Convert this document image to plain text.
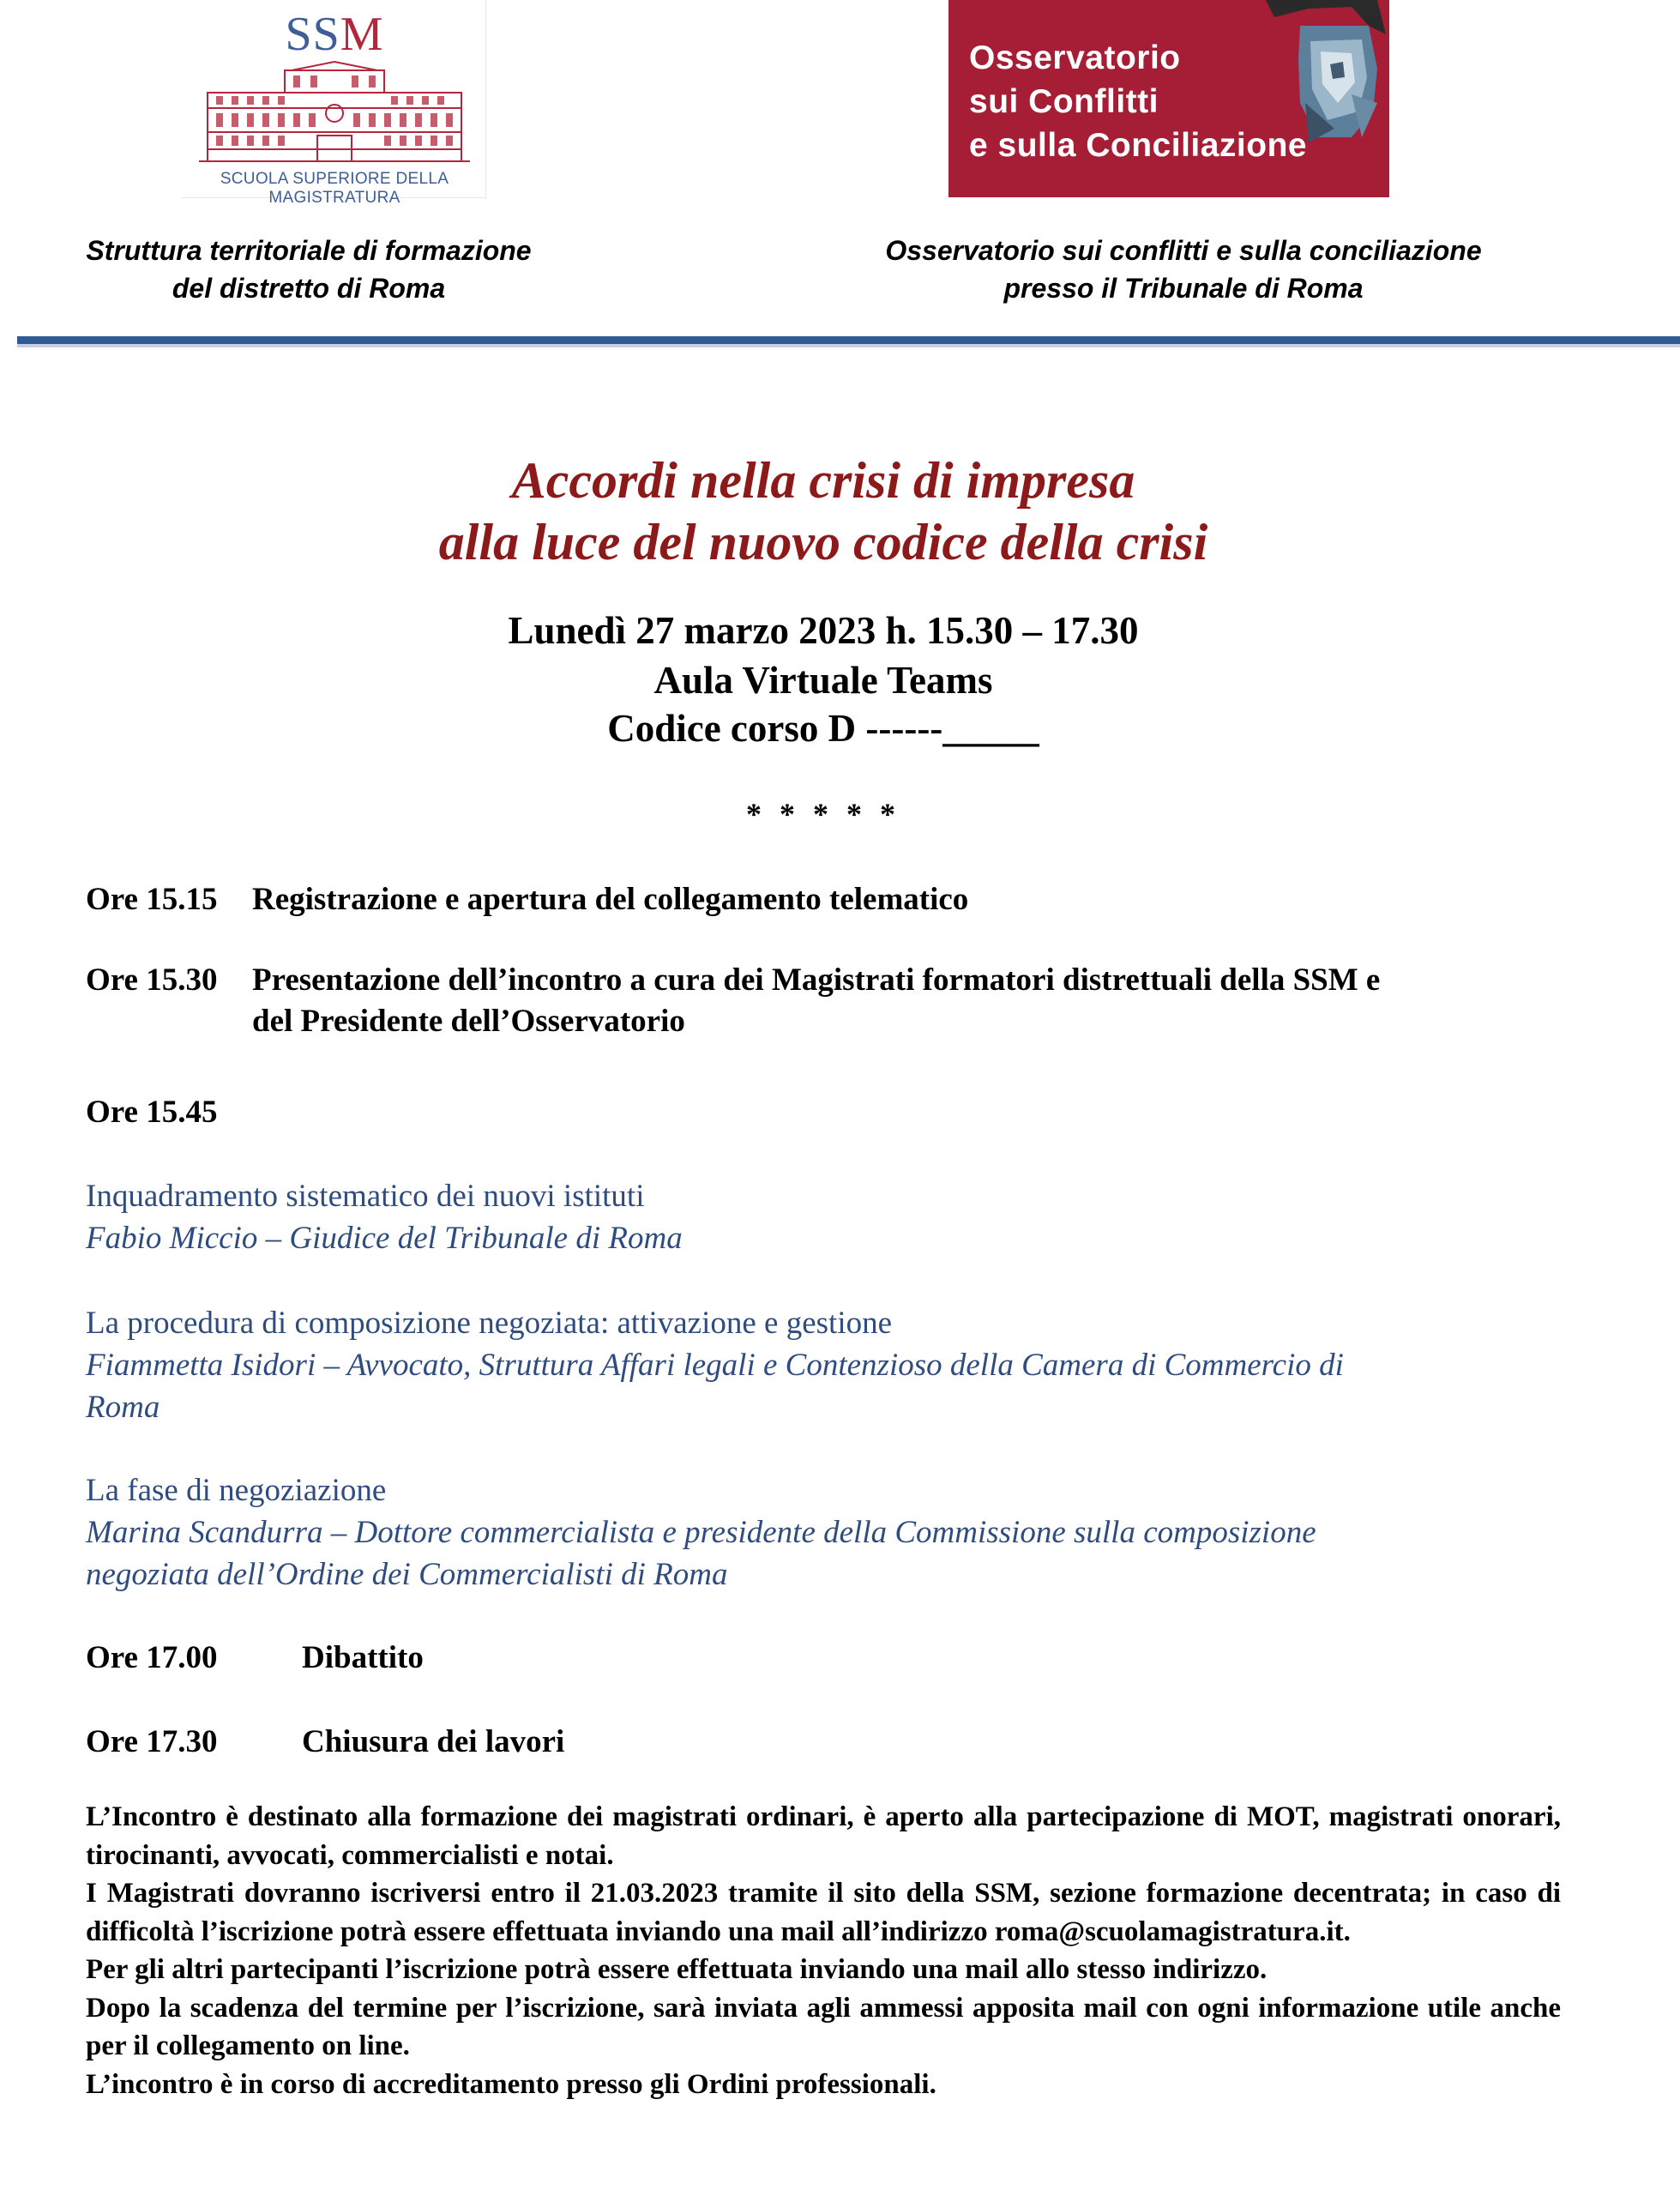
SSM
SCUOLA SUPERIORE DELLA MAGISTRATURA
Osservatorio
sui Conflitti
e sulla Conciliazione
Struttura territoriale di formazione
del distretto di Roma
Osservatorio sui conflitti e sulla conciliazione
presso il Tribunale di Roma
Accordi nella crisi di impresa
alla luce del nuovo codice della crisi
Lunedì 27 marzo 2023 h. 15.30 – 17.30
Aula Virtuale Teams
Codice corso D ------_____
* * * * *
Ore 15.15 Registrazione e apertura del collegamento telematico
Ore 15.30 Presentazione dell’incontro a cura dei Magistrati formatori distrettuali della SSM e
del Presidente dell’Osservatorio
Ore 15.45
Inquadramento sistematico dei nuovi istituti
Fabio Miccio – Giudice del Tribunale di Roma
La procedura di composizione negoziata: attivazione e gestione
Fiammetta Isidori – Avvocato, Struttura Affari legali e Contenzioso della Camera di Commercio di
Roma
La fase di negoziazione
Marina Scandurra – Dottore commercialista e presidente della Commissione sulla composizione
negoziata dell’Ordine dei Commercialisti di Roma
Ore 17.00	Dibattito
Ore 17.30	Chiusura dei lavori

L’Incontro è destinato alla formazione dei magistrati ordinari, è aperto alla partecipazione di MOT, magistrati onorari, tirocinanti, avvocati, commercialisti e notai.

I Magistrati dovranno iscriversi entro il 21.03.2023 tramite il sito della SSM, sezione formazione decentrata; in caso di difficoltà l’iscrizione potrà essere effettuata inviando una mail all’indirizzo roma@scuolamagistratura.it.

Per gli altri partecipanti l’iscrizione potrà essere effettuata inviando una mail allo stesso indirizzo.

Dopo la scadenza del termine per l’iscrizione, sarà inviata agli ammessi apposita mail con ogni informazione utile anche per il collegamento on line.

L’incontro è in corso di accreditamento presso gli Ordini professionali.
